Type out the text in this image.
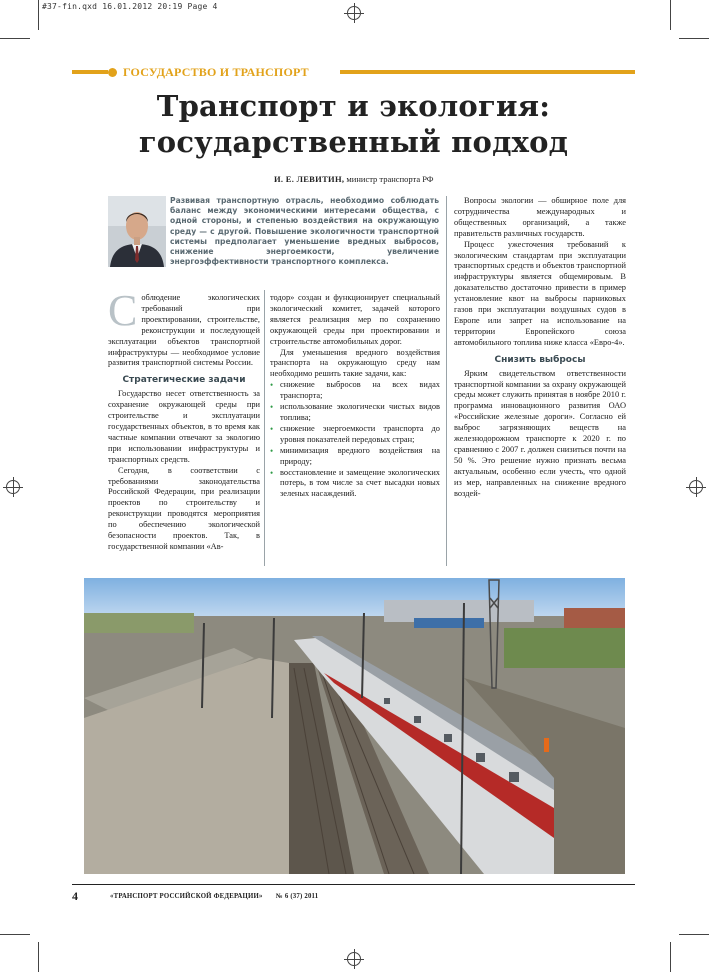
#37-fin.qxd 16.01.2012 20:19 Page 4
ГОСУДАРСТВО И ТРАНСПОРТ
Транспорт и экология:
государственный подход
И. Е. ЛЕВИТИН, министр транспорта РФ
Развивая транспортную отрасль, необходимо соблюдать баланс между экономическими интересами общества, с одной стороны, и степенью воздействия на окружающую среду — с другой. Повышение экологичности транспортной системы предполагает уменьшение вредных выбросов, снижение энергоемкости, увеличение энергоэффективности транспортного комплекса.

Соблюдение экологических требований при проектировании, строительстве, реконструкции и последующей эксплуатации объектов транспортной инфраструктуры — необходимое условие развития транспортной системы России.

Стратегические задачи

Государство несет ответственность за сохранение окружающей среды при строительстве и эксплуатации государственных объектов, в то время как частные компании отвечают за экологию при использовании инфраструктуры и транспортных средств.

Сегодня, в соответствии с требованиями законодательства Российской Федерации, при реализации проектов по строительству и реконструкции проводятся мероприятия по обеспечению экологической безопасности проектов. Так, в государственной компании «Ав-

тодор» создан и функционирует специальный экологический комитет, задачей которого является реализация мер по сохранению окружающей среды при проектировании и строительстве автомобильных дорог.

Для уменьшения вредного воздействия транспорта на окружающую среду нам необходимо решить такие задачи, как:

• снижение выбросов на всех видах транспорта;
• использование экологически чистых видов топлива;
• снижение энергоемкости транспорта до уровня показателей передовых стран;
• минимизация вредного воздействия на природу;
• восстановление и замещение экологических потерь, в том числе за счет высадки новых зеленых насаждений.

Вопросы экологии — обширное поле для сотрудничества международных и общественных организаций, а также правительств различных государств.

Процесс ужесточения требований к экологическим стандартам при эксплуатации транспортных средств и объектов транспортной инфраструктуры является общемировым. В доказательство достаточно привести в пример установление квот на выбросы парниковых газов при эксплуатации воздушных судов в Европе или запрет на использование на территории Европейского союза автомобильного топлива ниже класса «Евро-4».

Снизить выбросы

Ярким свидетельством ответственности транспортной компании за охрану окружающей среды может служить принятая в ноябре 2010 г. программа инновационного развития ОАО «Российские железные дороги». Согласно ей выброс загрязняющих веществ на железнодорожном транспорте к 2020 г. по сравнению с 2007 г. должен снизиться почти на 50 %. Это решение нужно признать весьма актуальным, особенно если учесть, что одной из мер, направленных на снижение вредного воздей-

4	«ТРАНСПОРТ РОССИЙСКОЙ ФЕДЕРАЦИИ» № 6 (37) 2011
